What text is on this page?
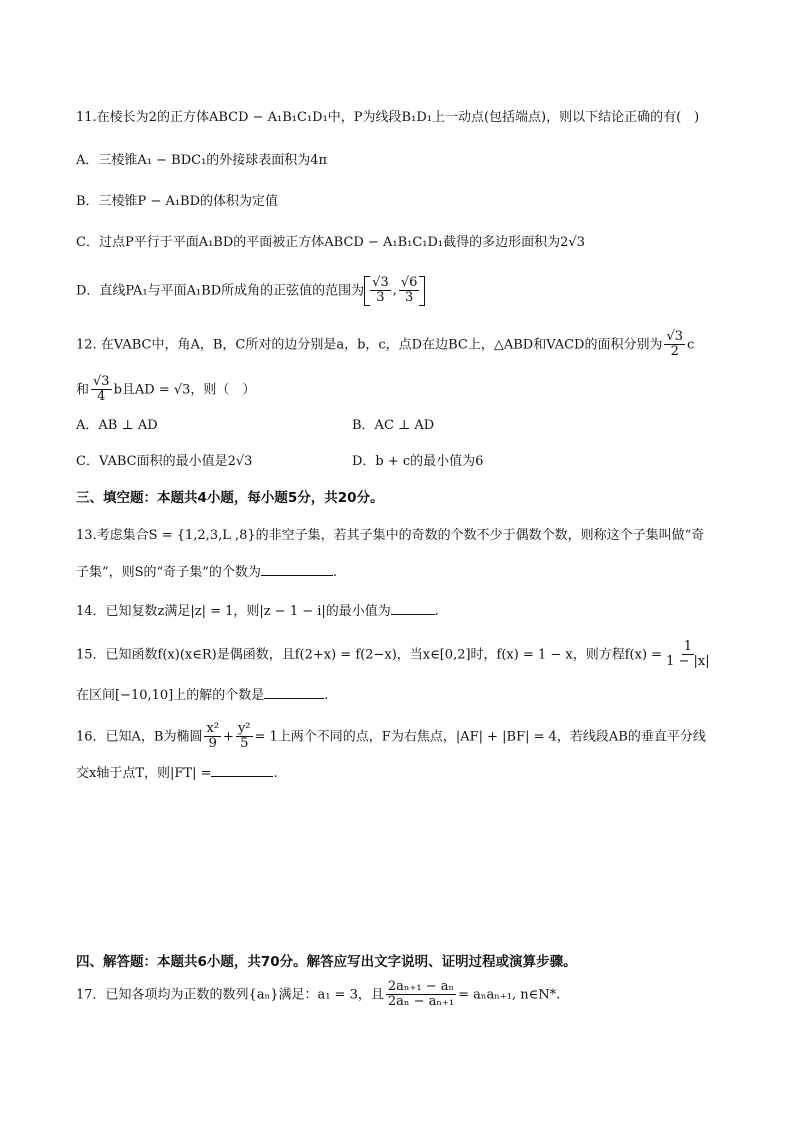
11.在棱长为2的正方体ABCD − A₁B₁C₁D₁中，P为线段B₁D₁上一动点(包括端点)，则以下结论正确的有(　)
A．三棱锥A₁ − BDC₁的外接球表面积为4π
B．三棱锥P − A₁BD的体积为定值
C．过点P平行于平面A₁BD的平面被正方体ABCD − A₁B₁C₁D₁截得的多边形面积为2√3
D．直线PA₁与平面A₁BD所成角的正弦值的范围为 $\frac{√3}{3}$ , $\frac{√6}{3}$
12. 在VABC中，角A，B，C所对的边分别是a，b，c，点D在边BC上，△ABD和VACD的面积分别为 $\frac{√3}{2}$ c
和 $\frac{√3}{4}$ b且AD = √3，则（　）
A．AB ⊥ AD	B．AC ⊥ AD
C．VABC面积的最小值是2√3	D．b + c的最小值为6
三、填空题：本题共4小题，每小题5分，共20分。
13.考虑集合S = {1,2,3,L ,8}的非空子集，若其子集中的奇数的个数不少于偶数个数，则称这个子集叫做“奇
子集”，则S的“奇子集”的个数为	.
14．已知复数z满足|z| = 1，则|z − 1 − i|的最小值为	.
15．已知函数f(x)(x∈R)是偶函数，且f(2+x) = f(2−x)，当x∈[0,2]时，f(x) = 1 − x，则方程$f(x) = \frac{1}{1 - |x|}$
在区间[−10,10]上的解的个数是	.
16．已知A，B为椭圆 $\frac{\text{x²}}{9} + \frac{\text{y²}}{5} = 1$上两个不同的点，F为右焦点，|AF| + |BF| = 4，若线段AB的垂直平分线
交x轴于点T，则|FT| =	.
四、解答题：本题共6小题，共70分。解答应写出文字说明、证明过程或演算步骤。
17．已知各项均为正数的数列{aₙ}满足：a₁ = 3，且 $\frac{\text{2aₙ₊₁ − aₙ}}{\text{2aₙ − aₙ₊₁}} = a_na_{n+1}$, n∈N*.
